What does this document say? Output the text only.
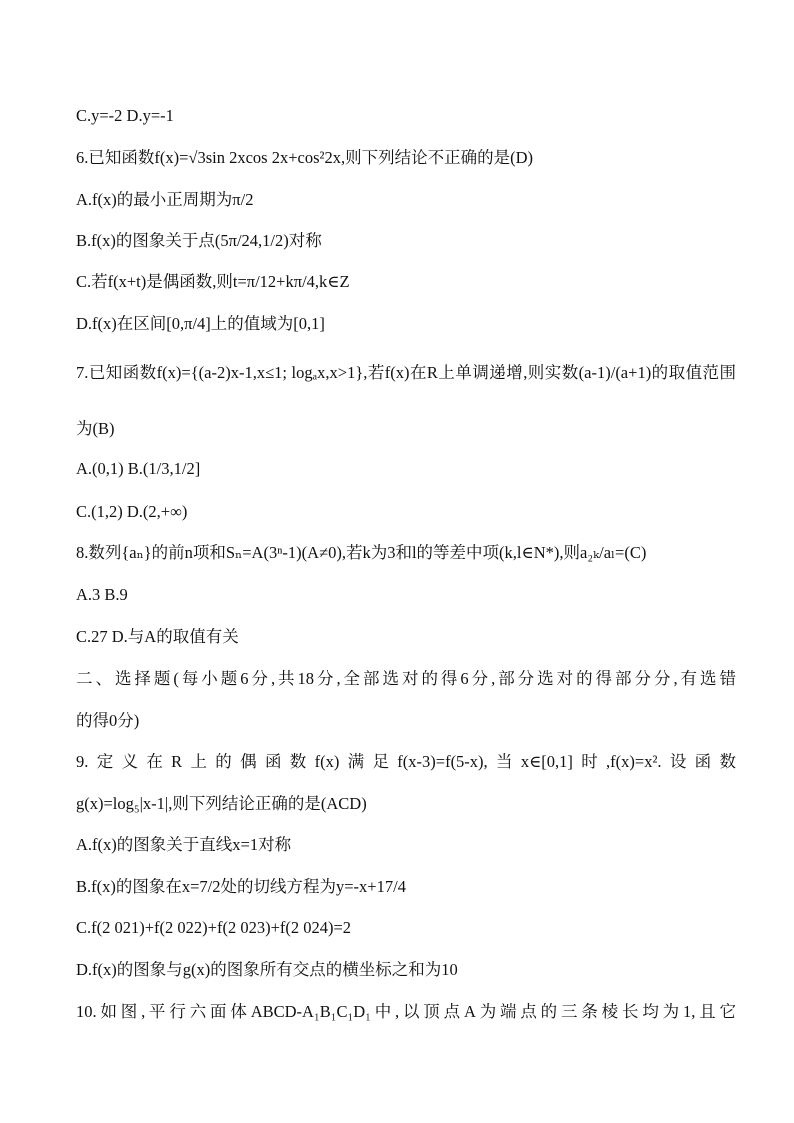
C.y=-2 D.y=-1
6.已知函数f(x)=√3sin 2xcos 2x+cos²2x,则下列结论不正确的是(D)
A.f(x)的最小正周期为π/2
B.f(x)的图象关于点(5π/24,1/2)对称
C.若f(x+t)是偶函数,则t=π/12+kπ/4,k∈Z
D.f(x)在区间[0,π/4]上的值域为[0,1]
7.已知函数f(x)={(a-2)x-1,x≤1; logₐx,x>1},若f(x)在R上单调递增,则实数(a-1)/(a+1)的取值范围
为(B)
A.(0,1) B.(1/3,1/2]
C.(1,2) D.(2,+∞)
8.数列{aₙ}的前n项和Sₙ=A(3ⁿ-1)(A≠0),若k为3和l的等差中项(k,l∈N*),则a₂ₖ/aₗ=(C)
A.3 B.9
C.27 D.与A的取值有关
二、选择题(每小题6分,共18分,全部选对的得6分,部分选对的得部分分,有选错
的得0分)
9.定义在R上的偶函数f(x)满足f(x-3)=f(5-x),当x∈[0,1]时,f(x)=x².设函数
g(x)=log₅|x-1|,则下列结论正确的是(ACD)
A.f(x)的图象关于直线x=1对称
B.f(x)的图象在x=7/2处的切线方程为y=-x+17/4
C.f(2 021)+f(2 022)+f(2 023)+f(2 024)=2
D.f(x)的图象与g(x)的图象所有交点的横坐标之和为10
10.如图,平行六面体ABCD-A₁B₁C₁D₁中,以顶点A为端点的三条棱长均为1,且它
